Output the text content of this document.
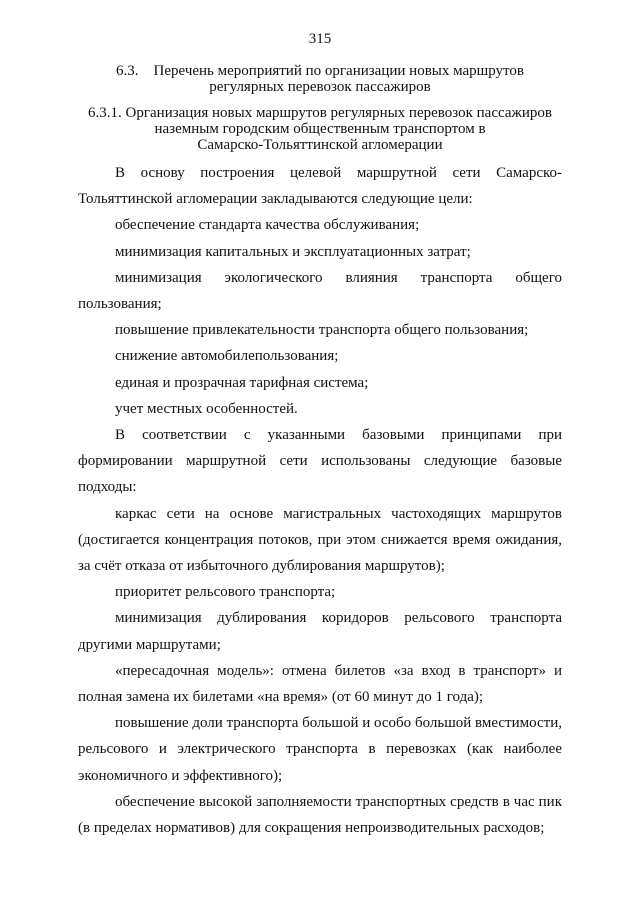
315
6.3.    Перечень мероприятий по организации новых маршрутов
регулярных перевозок пассажиров
6.3.1. Организация новых маршрутов регулярных перевозок пассажиров
наземным городским общественным транспортом в
Самарско-Тольяттинской агломерации

В основу построения целевой маршрутной сети Самарско-Тольяттинской агломерации закладываются следующие цели:

обеспечение стандарта качества обслуживания;

минимизация капитальных и эксплуатационных затрат;

минимизация экологического влияния транспорта общего пользования;

повышение привлекательности транспорта общего пользования;

снижение автомобилепользования;

единая и прозрачная тарифная система;

учет местных особенностей.

В соответствии с указанными базовыми принципами при формировании маршрутной сети использованы следующие базовые подходы:

каркас сети на основе магистральных частоходящих маршрутов (достигается концентрация потоков, при этом снижается время ожидания, за счёт отказа от избыточного дублирования маршрутов);

приоритет рельсового транспорта;

минимизация дублирования коридоров рельсового транспорта другими маршрутами;

«пересадочная модель»: отмена билетов «за вход в транспорт» и полная замена их билетами «на время» (от 60 минут до 1 года);

повышение доли транспорта большой и особо большой вместимости, рельсового и электрического транспорта в перевозках (как наиболее экономичного и эффективного);

обеспечение высокой заполняемости транспортных средств в час пик (в пределах нормативов) для сокращения непроизводительных расходов;
